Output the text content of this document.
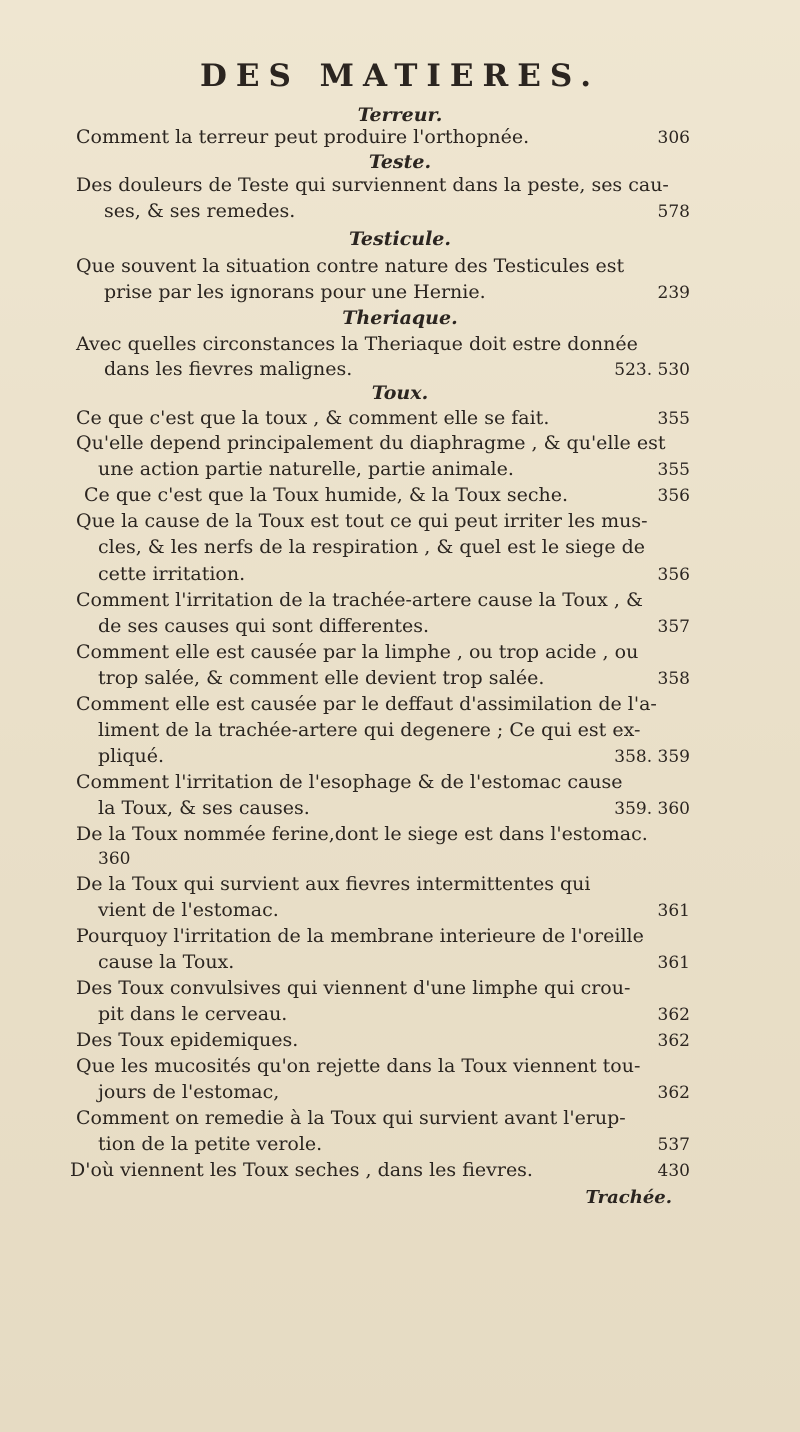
DES MATIERES.
Terreur.
Comment la terreur peut produire l'orthopnée.	306
Teste.
Des douleurs de Teste qui surviennent dans la peste, ses cau-
ses, & ses remedes.	578
Testicule.
Que souvent la situation contre nature des Testicules est
prise par les ignorans pour une Hernie.	239
Theriaque.
Avec quelles circonstances la Theriaque doit estre donnée
dans les fievres malignes.	523. 530
Toux.
Ce que c'est que la toux , & comment elle se fait.	355
Qu'elle depend principalement du diaphragme , & qu'elle est
une action partie naturelle, partie animale.	355
Ce que c'est que la Toux humide, & la Toux seche.	356
Que la cause de la Toux est tout ce qui peut irriter les mus-
cles, & les nerfs de la respiration , & quel est le siege de
cette irritation.	356
Comment l'irritation de la trachée-artere cause la Toux , &
de ses causes qui sont differentes.	357
Comment elle est causée par la limphe , ou trop acide , ou
trop salée, & comment elle devient trop salée.	358
Comment elle est causée par le deffaut d'assimilation de l'a-
liment de la trachée-artere qui degenere ; Ce qui est ex-
pliqué.	358. 359
Comment l'irritation de l'esophage & de l'estomac cause
la Toux, & ses causes.	359. 360
De la Toux nommée ferine,dont le siege est dans l'estomac.
360
De la Toux qui survient aux fievres intermittentes qui
vient de l'estomac.	361
Pourquoy l'irritation de la membrane interieure de l'oreille
cause la Toux.	361
Des Toux convulsives qui viennent d'une limphe qui crou-
pit dans le cerveau.	362
Des Toux epidemiques.	362
Que les mucosités qu'on rejette dans la Toux viennent tou-
jours de l'estomac,	362
Comment on remedie à la Toux qui survient avant l'erup-
tion de la petite verole.	537
D'où viennent les Toux seches , dans les fievres.	430
Trachée.
